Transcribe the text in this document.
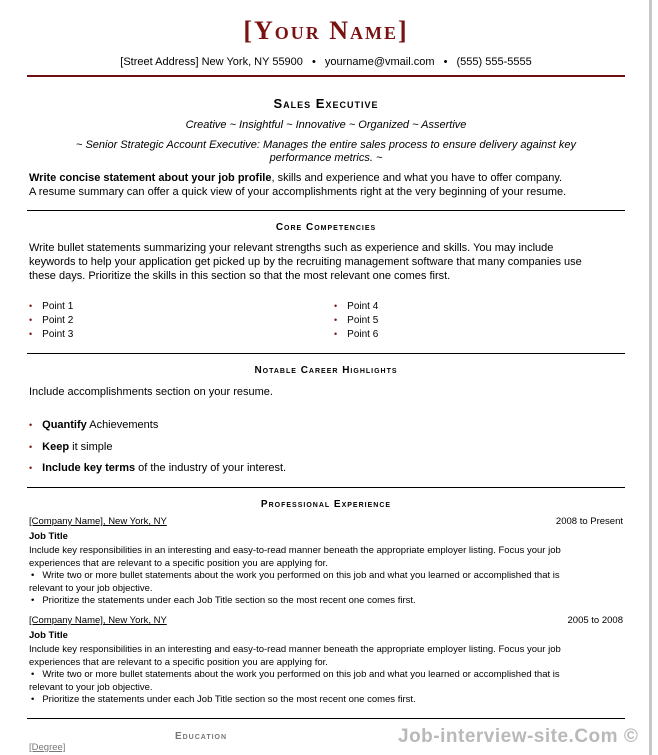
[Your Name]
[Street Address] New York, NY 55900 • yourname@vmail.com • (555) 555-5555
Sales Executive
Creative ~ Insightful ~ Innovative ~ Organized ~ Assertive
~ Senior Strategic Account Executive: Manages the entire sales process to ensure delivery against key
performance metrics. ~
Write concise statement about your job profile, skills and experience and what you have to offer company.
A resume summary can offer a quick view of your accomplishments right at the very beginning of your resume.
Core Competencies
Write bullet statements summarizing your relevant strengths such as experience and skills. You may include
keywords to help your application get picked up by the recruiting management software that many companies use
these days. Prioritize the skills in this section so that the most relevant one comes first.
• Point 1
• Point 2
• Point 3
• Point 4
• Point 5
• Point 6
Notable Career Highlights
Include accomplishments section on your resume.
• Quantify Achievements
• Keep it simple
• Include key terms of the industry of your interest.
Professional Experience
[Company Name], New York, NY	2008 to Present
Job Title
Include key responsibilities in an interesting and easy-to-read manner beneath the appropriate employer listing. Focus your job
experiences that are relevant to a specific position you are applying for.
• Write two or more bullet statements about the work you performed on this job and what you learned or accomplished that is
relevant to your job objective.
• Prioritize the statements under each Job Title section so the most recent one comes first.
[Company Name], New York, NY	2005 to 2008
Job Title
Include key responsibilities in an interesting and easy-to-read manner beneath the appropriate employer listing. Focus your job
experiences that are relevant to a specific position you are applying for.
• Write two or more bullet statements about the work you performed on this job and what you learned or accomplished that is
relevant to your job objective.
• Prioritize the statements under each Job Title section so the most recent one comes first.
Education
[Degree]
Job-interview-site.Com ©
